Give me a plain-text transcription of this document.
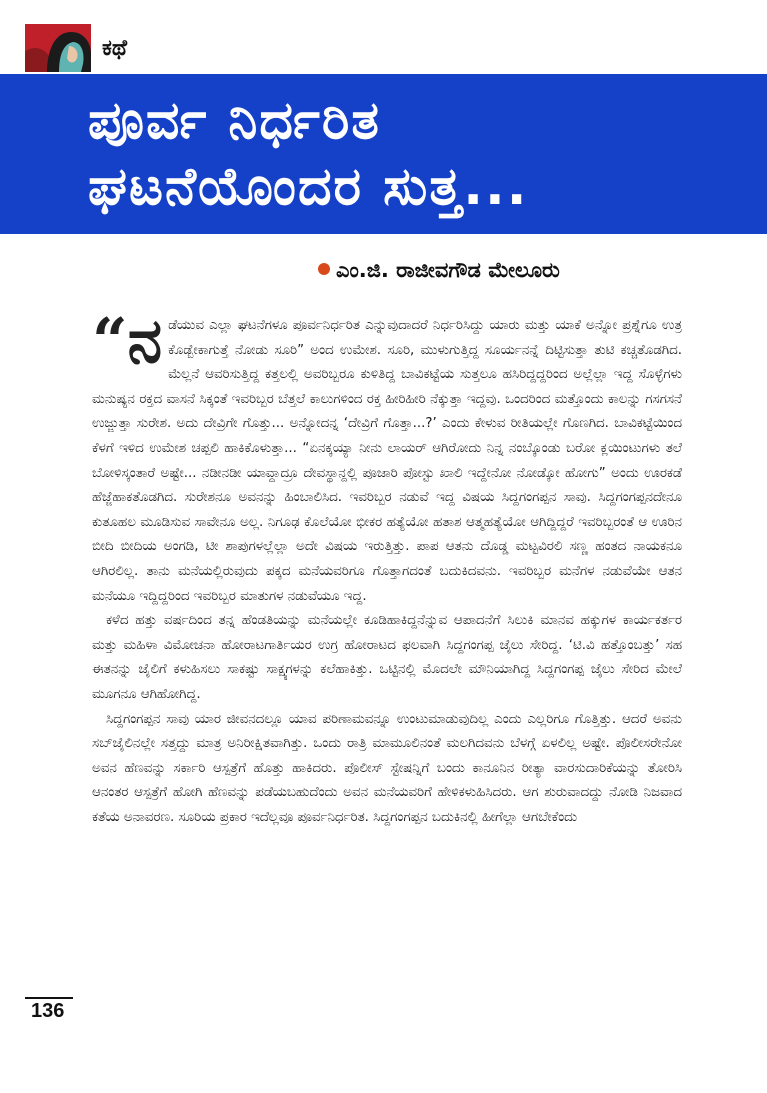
ಕಥೆ
ಪೂರ್ವ ನಿರ್ಧರಿತ
ಘಟನೆಯೊಂದರ ಸುತ್ತ...
ಎಂ.ಜಿ. ರಾಜೀವಗೌಡ ಮೇಲೂರು

“ನಡೆಯುವ ಎಲ್ಲಾ ಘಟನೆಗಳೂ ಪೂರ್ವನಿರ್ಧರಿತ ಎನ್ನುವುದಾದರೆ ನಿರ್ಧರಿಸಿದ್ದು ಯಾರು ಮತ್ತು ಯಾಕೆ ಅನ್ನೋ ಪ್ರಶ್ನೆಗೂ ಉತ್ರ ಕೊಡ್ಬೇಕಾಗುತ್ತೆ ನೋಡು ಸೂರಿ” ಅಂದ ಉಮೇಶ. ಸೂರಿ, ಮುಳುಗುತ್ತಿದ್ದ ಸೂರ್ಯನನ್ನೆ ದಿಟ್ಟಿಸುತ್ತಾ ತುಟಿ ಕಚ್ಚತೊಡಗಿದ. ಮೆಲ್ಲನೆ ಆವರಿಸುತ್ತಿದ್ದ ಕತ್ತಲಲ್ಲಿ ಅವರಿಬ್ಬರೂ ಕುಳಿತಿದ್ದ ಬಾವಿಕಟ್ಟೆಯ ಸುತ್ತಲೂ ಹಸಿರಿದ್ದದ್ದರಿಂದ ಅಲ್ಲೆಲ್ಲಾ ಇದ್ದ ಸೊಳ್ಳೆಗಳು ಮನುಷ್ಯನ ರಕ್ತದ ವಾಸನೆ ಸಿಕ್ಕಂತೆ ಇವರಿಬ್ಬರ ಬೆತ್ತಲೆ ಕಾಲುಗಳಿಂದ ರಕ್ತ ಹೀರಿಹೀರಿ ನೆಕ್ಕುತ್ತಾ ಇದ್ದವು. ಒಂದರಿಂದ ಮತ್ತೊಂದು ಕಾಲನ್ನು ಗಸಗಸನೆ ಉಜ್ಜುತ್ತಾ ಸುರೇಶ. ಅದು ದೇವ್ರಿಗೇ ಗೊತ್ತು... ಅನ್ನೋದನ್ನ ‘ದೇವ್ರಿಗೆ ಗೊತ್ತಾ...?’ ಎಂದು ಕೇಳುವ ರೀತಿಯಲ್ಲೇ ಗೊಣಗಿದ. ಬಾವಿಕಟ್ಟೆಯಿಂದ ಕೆಳಗೆ ಇಳಿದ ಉಮೇಶ ಚಪ್ಪಲಿ ಹಾಕಿಕೊಳುತ್ತಾ... “ಏನಕ್ಕಯ್ಯಾ ನೀನು ಲಾಯರ್ ಆಗಿರೋದು ನಿನ್ನ ನಂಬ್ಕೊಂಡು ಬರೋ ಕ್ಲಯಿಂಟುಗಳು ತಲೆ ಬೋಳಿಸ್ಕಂತಾರೆ ಅಷ್ಟೇ... ನಡೀನಡೀ ಯಾವ್ದಾದ್ರೂ ದೇವಸ್ಥಾನ್ದಲ್ಲಿ ಪೂಜಾರಿ ಪೋಸ್ಟು ಖಾಲಿ ಇದ್ದೇನೋ ನೋಡ್ಕೋ ಹೋಗು” ಅಂದು ಊರಕಡೆ ಹೆಜ್ಜೆಹಾಕತೊಡಗಿದ. ಸುರೇಶನೂ ಅವನನ್ನು ಹಿಂಬಾಲಿಸಿದ. ಇವರಿಬ್ಬರ ನಡುವೆ ಇದ್ದ ವಿಷಯ ಸಿದ್ದಗಂಗಪ್ಪನ ಸಾವು. ಸಿದ್ದಗಂಗಪ್ಪನದೇನೂ ಕುತೂಹಲ ಮೂಡಿಸುವ ಸಾವೇನೂ ಅಲ್ಲ. ನಿಗೂಢ ಕೊಲೆಯೋ ಭೀಕರ ಹತ್ಯೆಯೋ ಹತಾಶ ಆತ್ಮಹತ್ಯೆಯೋ ಆಗಿದ್ದಿದ್ದರೆ ಇವರಿಬ್ಬರಂತೆ ಆ ಊರಿನ ಬೀದಿ ಬೀದಿಯ ಅಂಗಡಿ, ಟೀ ಶಾಪುಗಳಲ್ಲೆಲ್ಲಾ ಅದೇ ವಿಷಯ ಇರುತ್ತಿತ್ತು. ಪಾಪ ಆತನು ದೊಡ್ಡ ಮಟ್ಟವಿರಲಿ ಸಣ್ಣ ಹಂತದ ನಾಯಕನೂ ಆಗಿರಲಿಲ್ಲ. ತಾನು ಮನೆಯಲ್ಲಿರುವುದು ಪಕ್ಕದ ಮನೆಯವರಿಗೂ ಗೊತ್ತಾಗದಂತೆ ಬದುಕಿದವನು. ಇವರಿಬ್ಬರ ಮನೆಗಳ ನಡುವೆಯೇ ಆತನ ಮನೆಯೂ ಇದ್ದಿದ್ದರಿಂದ ಇವರಿಬ್ಬರ ಮಾತುಗಳ ನಡುವೆಯೂ ಇದ್ದ.

ಕಳೆದ ಹತ್ತು ವರ್ಷದಿಂದ ತನ್ನ ಹೆಂಡತಿಯನ್ನು ಮನೆಯಲ್ಲೇ ಕೂಡಿಹಾಕಿದ್ದನೆನ್ನುವ ಆಪಾದನೆಗೆ ಸಿಲುಕಿ ಮಾನವ ಹಕ್ಕುಗಳ ಕಾರ್ಯಕರ್ತರ ಮತ್ತು ಮಹಿಳಾ ವಿಮೋಚನಾ ಹೋರಾಟಗಾರ್ತಿಯರ ಉಗ್ರ ಹೋರಾಟದ ಫಲವಾಗಿ ಸಿದ್ದಗಂಗಪ್ಪ ಜೈಲು ಸೇರಿದ್ದ. ‘ಟಿ.ವಿ ಹತ್ತೊಂಬತ್ತು’ ಸಹ ಈತನನ್ನು ಜೈಲಿಗೆ ಕಳುಹಿಸಲು ಸಾಕಷ್ಟು ಸಾಕ್ಷ್ಯಗಳನ್ನು ಕಲೆಹಾಕಿತ್ತು. ಒಟ್ಟಿನಲ್ಲಿ ಮೊದಲೇ ಮೌನಿಯಾಗಿದ್ದ ಸಿದ್ದಗಂಗಪ್ಪ ಜೈಲು ಸೇರಿದ ಮೇಲೆ ಮೂಗನೂ ಆಗಿಹೋಗಿದ್ದ.

ಸಿದ್ದಗಂಗಪ್ಪನ ಸಾವು ಯಾರ ಜೀವನದಲ್ಲೂ ಯಾವ ಪರಿಣಾಮವನ್ನೂ ಉಂಟುಮಾಡುವುದಿಲ್ಲ ಎಂದು ಎಲ್ಲರಿಗೂ ಗೊತ್ತಿತ್ತು. ಆದರೆ ಅವನು ಸಬ್‌ಜೈಲಿನಲ್ಲೇ ಸತ್ತದ್ದು ಮಾತ್ರ ಅನಿರೀಕ್ಷಿತವಾಗಿತ್ತು. ಒಂದು ರಾತ್ರಿ ಮಾಮೂಲಿನಂತೆ ಮಲಗಿದವನು ಬೆಳಗ್ಗೆ ಏಳಲಿಲ್ಲ ಅಷ್ಟೇ. ಪೊಲೀಸರೇನೋ ಅವನ ಹೆಣವನ್ನು ಸರ್ಕಾರಿ ಆಸ್ಪತ್ರೆಗೆ ಹೊತ್ತು ಹಾಕಿದರು. ಪೊಲೀಸ್ ಸ್ಟೇಷನ್ನಿಗೆ ಬಂದು ಕಾನೂನಿನ ರೀತ್ಯಾ ವಾರಸುದಾರಿಕೆಯನ್ನು ತೋರಿಸಿ ಆನಂತರ ಆಸ್ಪತ್ರೆಗೆ ಹೋಗಿ ಹೆಣವನ್ನು ಪಡೆಯಬಹುದೆಂದು ಅವನ ಮನೆಯವರಿಗೆ ಹೇಳಿಕಳುಹಿಸಿದರು. ಆಗ ಶುರುವಾದದ್ದು ನೋಡಿ ನಿಜವಾದ ಕತೆಯ ಅನಾವರಣ. ಸೂರಿಯ ಪ್ರಕಾರ ಇದೆಲ್ಲವೂ ಪೂರ್ವನಿರ್ಧರಿತ. ಸಿದ್ದಗಂಗಪ್ಪನ ಬದುಕಿನಲ್ಲಿ ಹೀಗೆಲ್ಲಾ ಆಗಬೇಕೆಂದು

136
